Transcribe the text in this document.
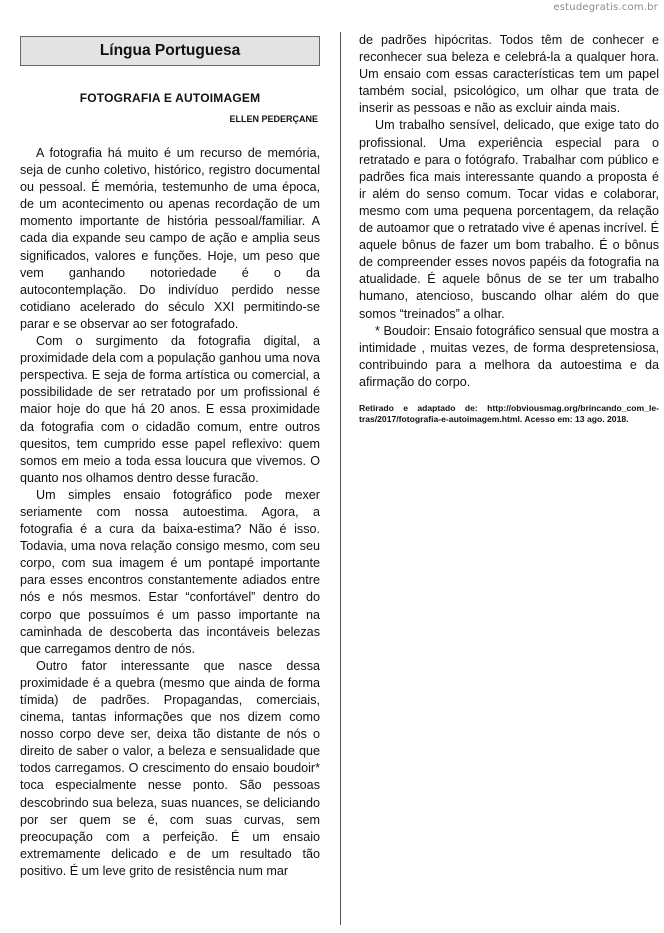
estudegratis.com.br
Língua Portuguesa
FOTOGRAFIA E AUTOIMAGEM
ELLEN PEDERÇANE

A fotografia há muito é um recurso de memória, seja de cunho coletivo, histórico, registro documental ou pessoal. É memória, testemunho de uma época, de um acontecimento ou apenas recordação de um momento importante de história pessoal/familiar. A cada dia expande seu campo de ação e amplia seus significados, valores e funções. Hoje, um peso que vem ganhando notoriedade é o da autocontemplação. Do indivíduo perdido nesse cotidiano acelerado do século XXI permitindo-se parar e se observar ao ser fotografado.

Com o surgimento da fotografia digital, a proximidade dela com a população ganhou uma nova perspectiva. E seja de forma artística ou comercial, a possibilidade de ser retratado por um profissional é maior hoje do que há 20 anos. E essa proximidade da fotografia com o cidadão comum, entre outros quesitos, tem cumprido esse papel reflexivo: quem somos em meio a toda essa loucura que vivemos. O quanto nos olhamos dentro desse furacão.

Um simples ensaio fotográfico pode mexer seriamente com nossa autoestima. Agora, a fotografia é a cura da baixa-estima? Não é isso. Todavia, uma nova relação consigo mesmo, com seu corpo, com sua imagem é um pontapé importante para esses encontros constantemente adiados entre nós e nós mesmos. Estar “confortável” dentro do corpo que possuímos é um passo importante na caminhada de descoberta das incontáveis belezas que carregamos dentro de nós.

Outro fator interessante que nasce dessa proximidade é a quebra (mesmo que ainda de forma tímida) de padrões. Propagandas, comerciais, cinema, tantas informações que nos dizem como nosso corpo deve ser, deixa tão distante de nós o direito de saber o valor, a beleza e sensualidade que todos carregamos. O crescimento do ensaio boudoir* toca especialmente nesse ponto. São pessoas descobrindo sua beleza, suas nuances, se deliciando por ser quem se é, com suas curvas, sem preocupação com a perfeição. É um ensaio extremamente delicado e de um resultado tão positivo. É um leve grito de resistência num mar

de padrões hipócritas. Todos têm de conhecer e reconhecer sua beleza e celebrá-la a qualquer hora. Um ensaio com essas características tem um papel também social, psicológico, um olhar que trata de inserir as pessoas e não as excluir ainda mais.

Um trabalho sensível, delicado, que exige tato do profissional. Uma experiência especial para o retratado e para o fotógrafo. Trabalhar com público e padrões fica mais interessante quando a proposta é ir além do senso comum. Tocar vidas e colaborar, mesmo com uma pequena porcentagem, da relação de autoamor que o retratado vive é apenas incrível. É aquele bônus de fazer um bom trabalho. É o bônus de compreender esses novos papéis da fotografia na atualidade. É aquele bônus de se ter um trabalho humano, atencioso, buscando olhar além do que somos “treinados” a olhar.

* Boudoir: Ensaio fotográfico sensual que mostra a intimidade , muitas vezes, de forma despretensiosa, contribuindo para a melhora da autoestima e da afirmação do corpo.

Retirado e adaptado de: http://obviousmag.org/brincando_com_le-tras/2017/fotografia-e-autoimagem.html. Acesso em: 13 ago. 2018.
